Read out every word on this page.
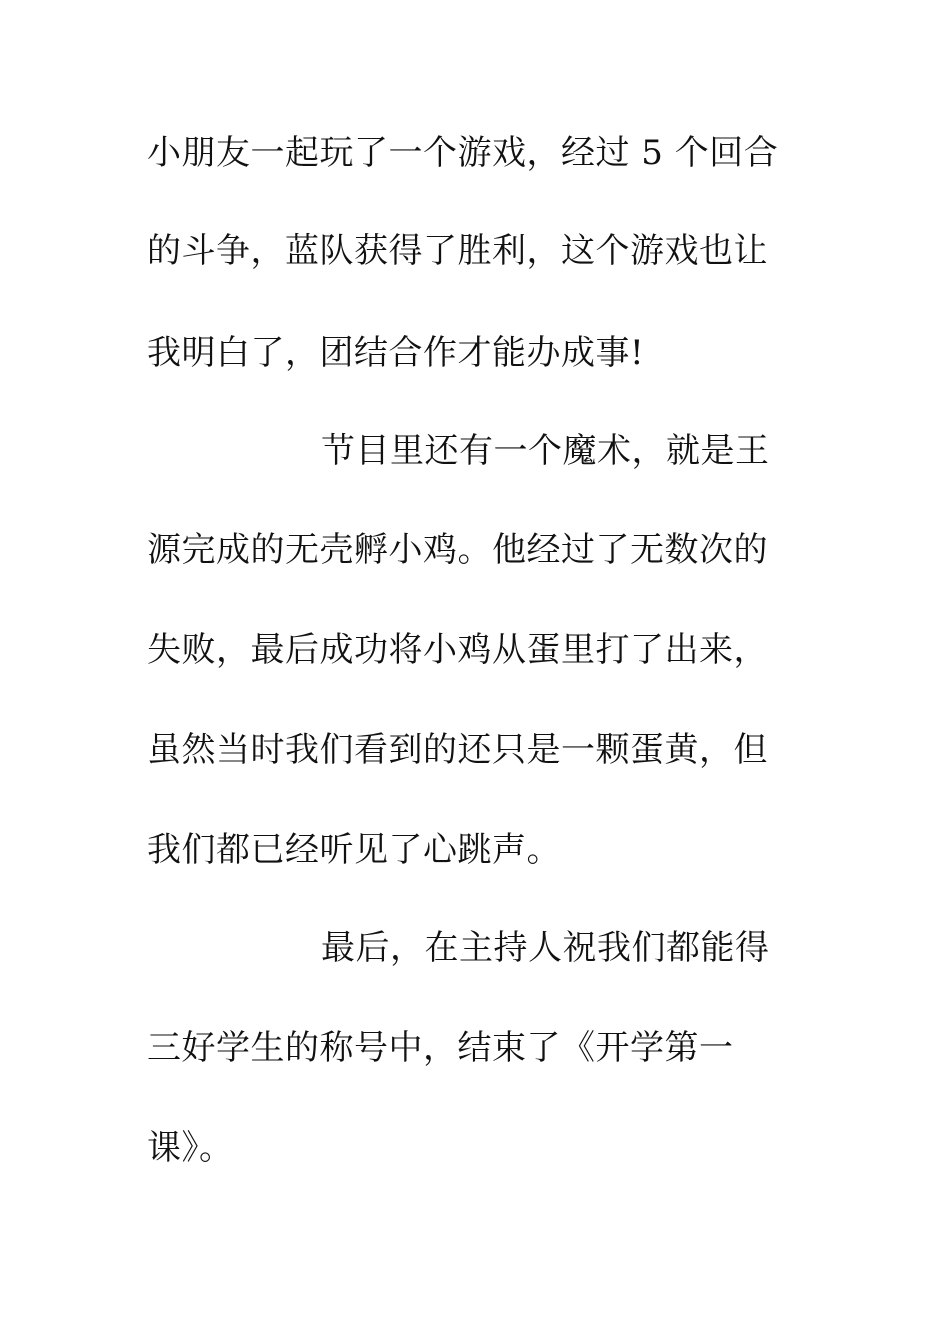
小朋友一起玩了一个游戏，经过 5 个回合
的斗争，蓝队获得了胜利，这个游戏也让
我明白了，团结合作才能办成事!
节目里还有一个魔术，就是王
源完成的无壳孵小鸡。他经过了无数次的
失败，最后成功将小鸡从蛋里打了出来，
虽然当时我们看到的还只是一颗蛋黄，但
我们都已经听见了心跳声。
最后，在主持人祝我们都能得
三好学生的称号中，结束了《开学第一
课》。
